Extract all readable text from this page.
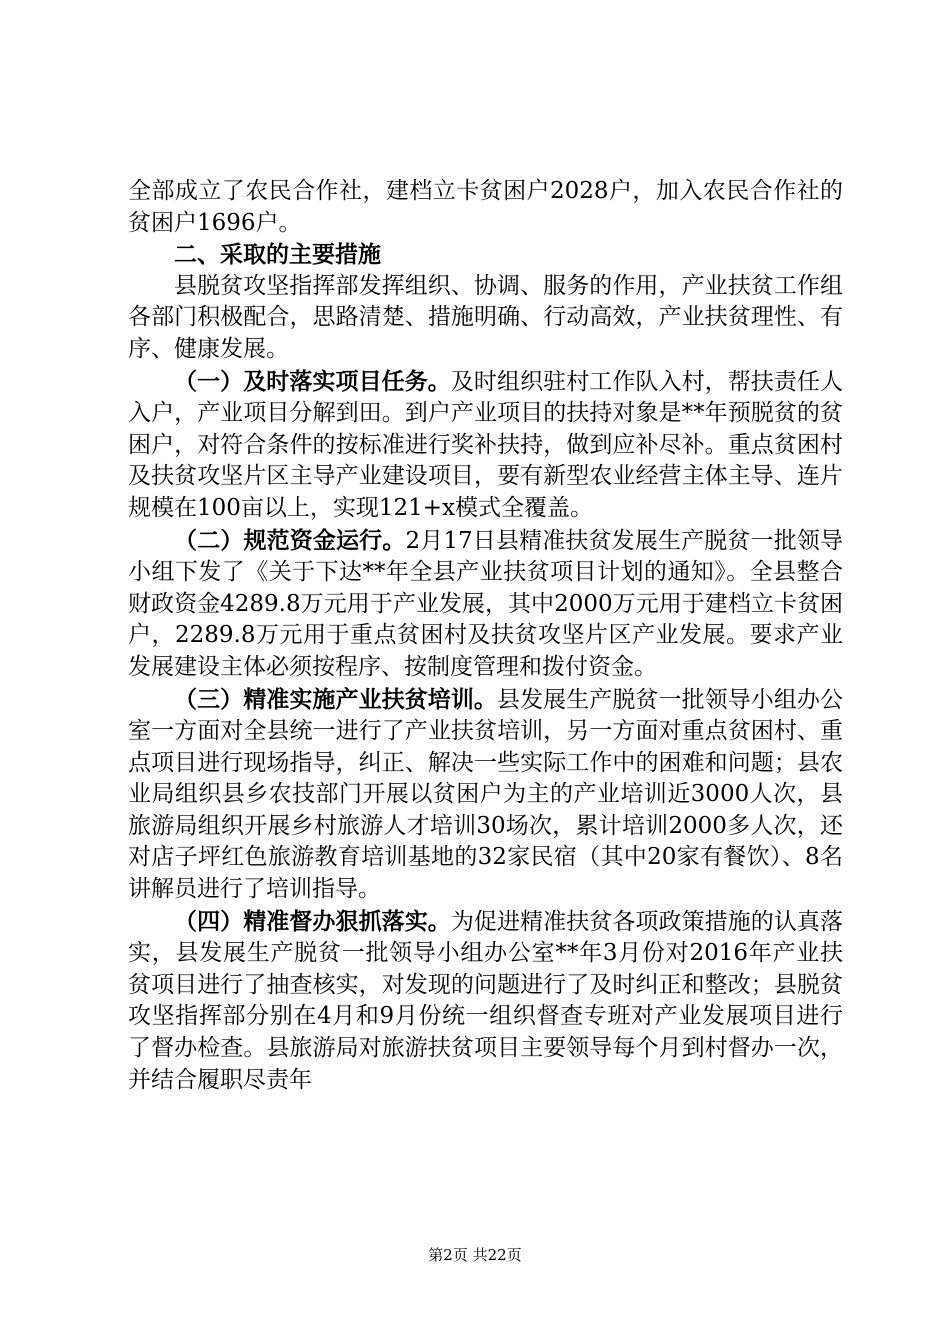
全部成立了农民合作社，建档立卡贫困户2028户，加入农民合作社的贫困户1696户。

二、采取的主要措施

县脱贫攻坚指挥部发挥组织、协调、服务的作用，产业扶贫工作组各部门积极配合，思路清楚、措施明确、行动高效，产业扶贫理性、有序、健康发展。

（一）及时落实项目任务。及时组织驻村工作队入村，帮扶责任人入户，产业项目分解到田。到户产业项目的扶持对象是**年预脱贫的贫困户，对符合条件的按标准进行奖补扶持，做到应补尽补。重点贫困村及扶贫攻坚片区主导产业建设项目，要有新型农业经营主体主导、连片规模在100亩以上，实现121+x模式全覆盖。

（二）规范资金运行。2月17日县精准扶贫发展生产脱贫一批领导小组下发了《关于下达**年全县产业扶贫项目计划的通知》。全县整合财政资金4289.8万元用于产业发展，其中2000万元用于建档立卡贫困户，2289.8万元用于重点贫困村及扶贫攻坚片区产业发展。要求产业发展建设主体必须按程序、按制度管理和拨付资金。

（三）精准实施产业扶贫培训。县发展生产脱贫一批领导小组办公室一方面对全县统一进行了产业扶贫培训，另一方面对重点贫困村、重点项目进行现场指导，纠正、解决一些实际工作中的困难和问题；县农业局组织县乡农技部门开展以贫困户为主的产业培训近3000人次，县旅游局组织开展乡村旅游人才培训30场次，累计培训2000多人次，还对店子坪红色旅游教育培训基地的32家民宿（其中20家有餐饮）、8名讲解员进行了培训指导。

（四）精准督办狠抓落实。为促进精准扶贫各项政策措施的认真落实，县发展生产脱贫一批领导小组办公室**年3月份对2016年产业扶贫项目进行了抽查核实，对发现的问题进行了及时纠正和整改；县脱贫攻坚指挥部分别在4月和9月份统一组织督查专班对产业发展项目进行了督办检查。县旅游局对旅游扶贫项目主要领导每个月到村督办一次，并结合履职尽责年

第2页 共22页
